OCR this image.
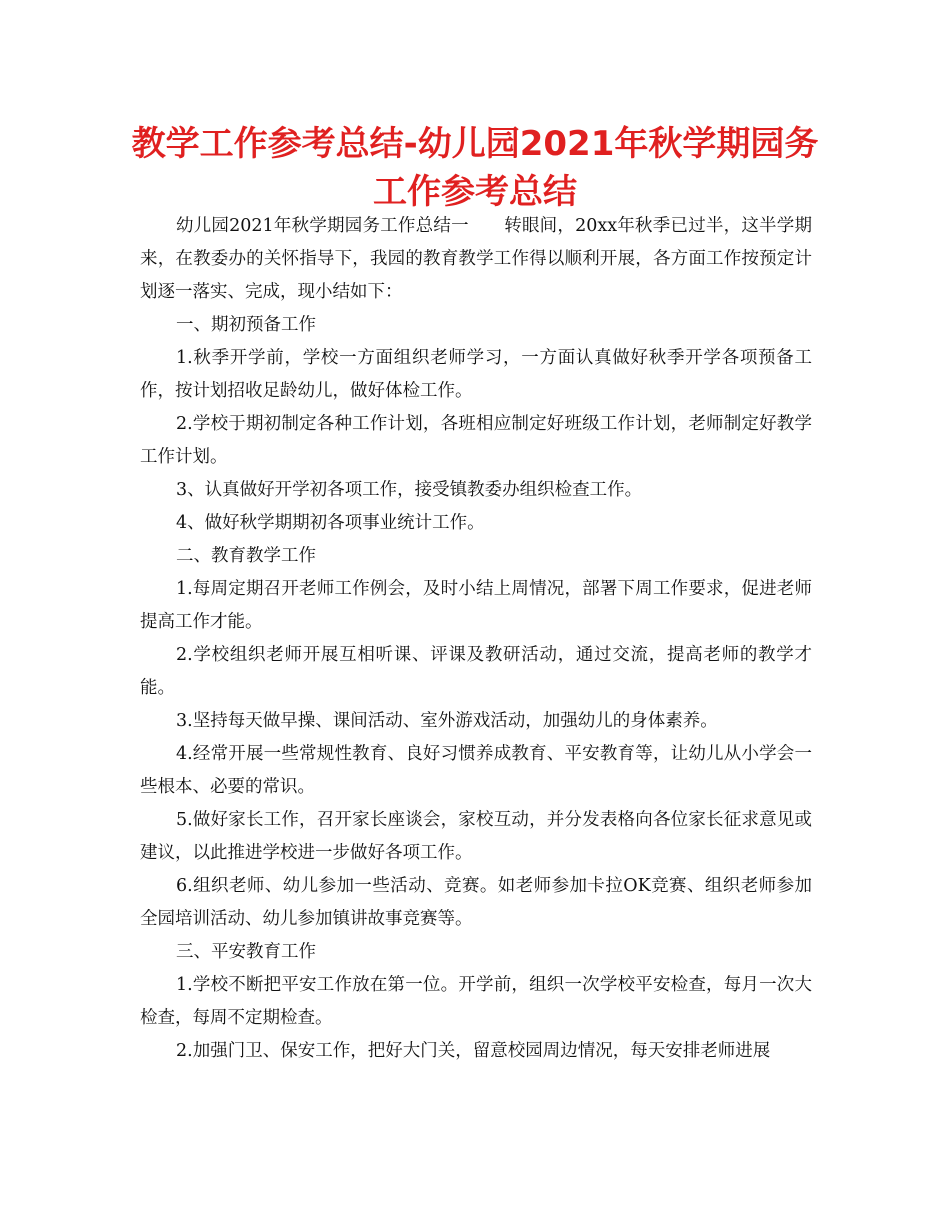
教学工作参考总结-幼儿园2021年秋学期园务工作参考总结

幼儿园2021年秋学期园务工作总结一　　转眼间，20xx年秋季已过半，这半学期来，在教委办的关怀指导下，我园的教育教学工作得以顺利开展，各方面工作按预定计划逐一落实、完成，现小结如下：

一、期初预备工作

1.秋季开学前，学校一方面组织老师学习，一方面认真做好秋季开学各项预备工作，按计划招收足龄幼儿，做好体检工作。

2.学校于期初制定各种工作计划，各班相应制定好班级工作计划，老师制定好教学工作计划。

3、认真做好开学初各项工作，接受镇教委办组织检查工作。

4、做好秋学期期初各项事业统计工作。

二、教育教学工作

1.每周定期召开老师工作例会，及时小结上周情况，部署下周工作要求，促进老师提高工作才能。

2.学校组织老师开展互相听课、评课及教研活动，通过交流，提高老师的教学才能。

3.坚持每天做早操、课间活动、室外游戏活动，加强幼儿的身体素养。

4.经常开展一些常规性教育、良好习惯养成教育、平安教育等，让幼儿从小学会一些根本、必要的常识。

5.做好家长工作，召开家长座谈会，家校互动，并分发表格向各位家长征求意见或建议，以此推进学校进一步做好各项工作。

6.组织老师、幼儿参加一些活动、竞赛。如老师参加卡拉OK竞赛、组织老师参加全园培训活动、幼儿参加镇讲故事竞赛等。

三、平安教育工作

1.学校不断把平安工作放在第一位。开学前，组织一次学校平安检查，每月一次大检查，每周不定期检查。

2.加强门卫、保安工作，把好大门关，留意校园周边情况，每天安排老师进展
